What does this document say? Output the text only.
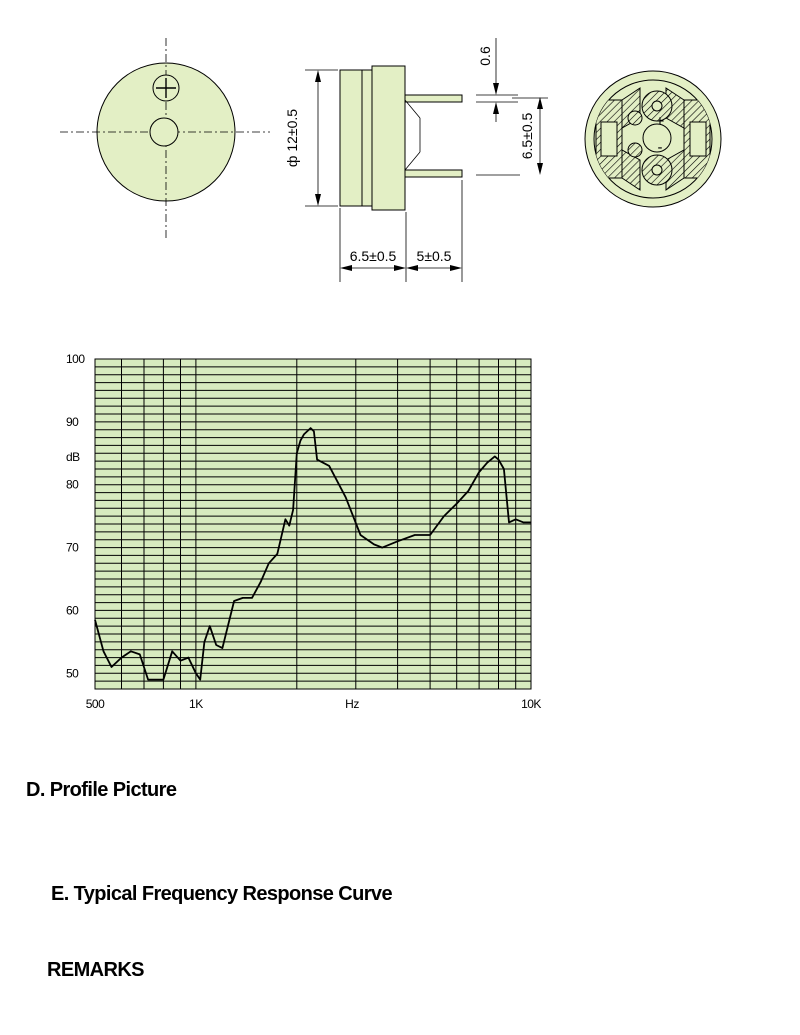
ф 12±0.5
0.6
6.5±0.5
6.5±0.5 5±0.5
+
-
100
90
80
70
60
50
500	1K	10K
dB
Hz
D. Profile Picture
E. Typical Frequency Response Curve
REMARKS
